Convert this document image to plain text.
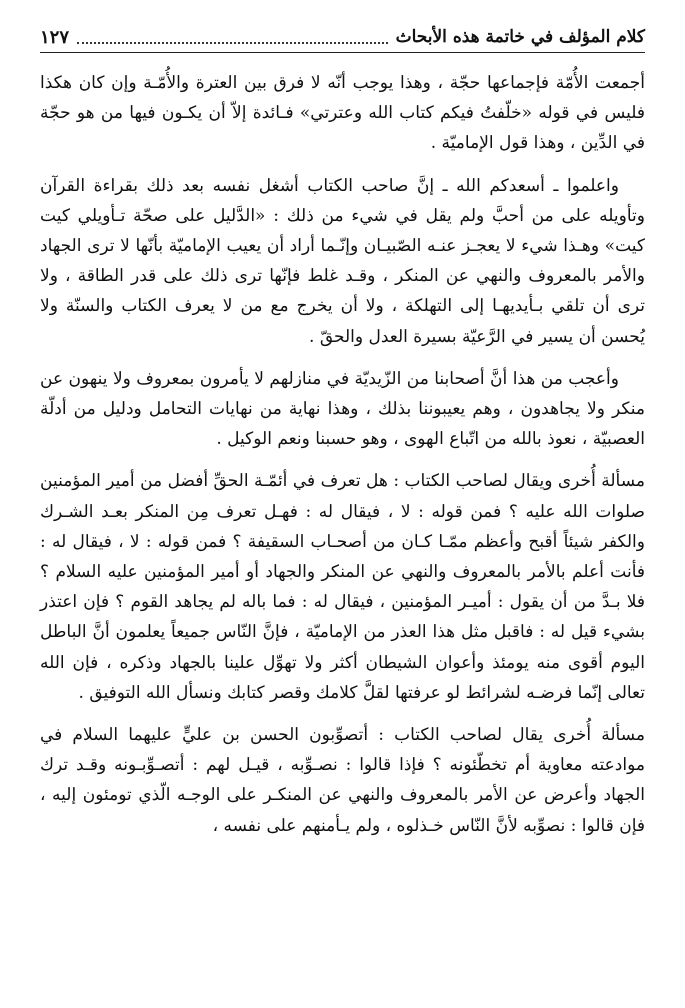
كلام المؤلف في خاتمة هذه الأبحاث
١٢٧

أجمعت الأُمّة فإجماعها حجّة ، وهذا يوجب أنّه لا فرق بين العترة والأُمّـة وإن كان هكذا فليس في قوله «خلّفتُ فيكم كتاب الله وعترتي» فـائدة إلاّ أن يكـون فيها من هو حجّة في الدِّين ، وهذا قول الإماميّة .

واعلموا ـ أسعدكم الله ـ إنَّ صاحب الكتاب أشغل نفسه بعد ذلك بقراءة القرآن وتأويله على من أحبَّ ولم يقل في شيء من ذلك : «الدَّليل على صحّة تـأويلي كيت كيت» وهـذا شيء لا يعجـز عنـه الصّبيـان وإنّـما أراد أن يعيب الإماميّة بأنّها لا ترى الجهاد والأمر بالمعروف والنهي عن المنكر ، وقـد غلط فإنّها ترى ذلك على قدر الطاقة ، ولا ترى أن تلقي بـأيديهـا إلى التهلكة ، ولا أن يخرج مع من لا يعرف الكتاب والسنّة ولا يُحسن أن يسير في الرَّعيّة بسيرة العدل والحقّ .

وأعجب من هذا أنَّ أصحابنا من الزّيديّة في منازلهم لا يأمرون بمعروف ولا ينهون عن منكر ولا يجاهدون ، وهم يعيبوننا بذلك ، وهذا نهاية من نهايات التحامل ودليل من أدلّة العصبيّة ، نعوذ بالله من اتّباع الهوى ، وهو حسبنا ونعم الوكيل .

مسألة أُخرى ويقال لصاحب الكتاب : هل تعرف في أئمّـة الحقِّ أفضل من أمير المؤمنين صلوات الله عليه ؟ فمن قوله : لا ، فيقال له : فهـل تعرف مِن المنكر بعـد الشـرك والكفر شيئاً أقبح وأعظم ممّـا كـان من أصحـاب السقيفة ؟ فمن قوله : لا ، فيقال له : فأنت أعلم بالأمر بالمعروف والنهي عن المنكر والجهاد أو أمير المؤمنين عليه السلام ؟ فلا بـدَّ من أن يقول : أميـر المؤمنين ، فيقال له : فما باله لم يجاهد القوم ؟ فإن اعتذر بشيء قيل له : فاقبل مثل هذا العذر من الإماميّة ، فإنَّ النّاس جميعاً يعلمون أنَّ الباطل اليوم أقوى منه يومئذ وأعوان الشيطان أكثر ولا تهوِّل علينا بالجهاد وذكره ، فإن الله تعالى إنّما فرضـه لشرائط لو عرفتها لقلَّ كلامك وقصر كتابك ونسأل الله التوفيق .

مسألة أُخرى يقال لصاحب الكتاب : أتصوِّبون الحسن بن عليٍّ عليهما السلام في موادعته معاوية أم تخطّئونه ؟ فإذا قالوا : نصـوِّبه ، قيـل لهم : أتصـوِّبـونه وقـد ترك الجهاد وأعرض عن الأمر بالمعروف والنهي عن المنكـر على الوجـه الّذي تومئون إليه ، فإن قالوا : نصوِّبه لأنَّ النّاس خـذلوه ، ولم يـأمنهم على نفسه ،
